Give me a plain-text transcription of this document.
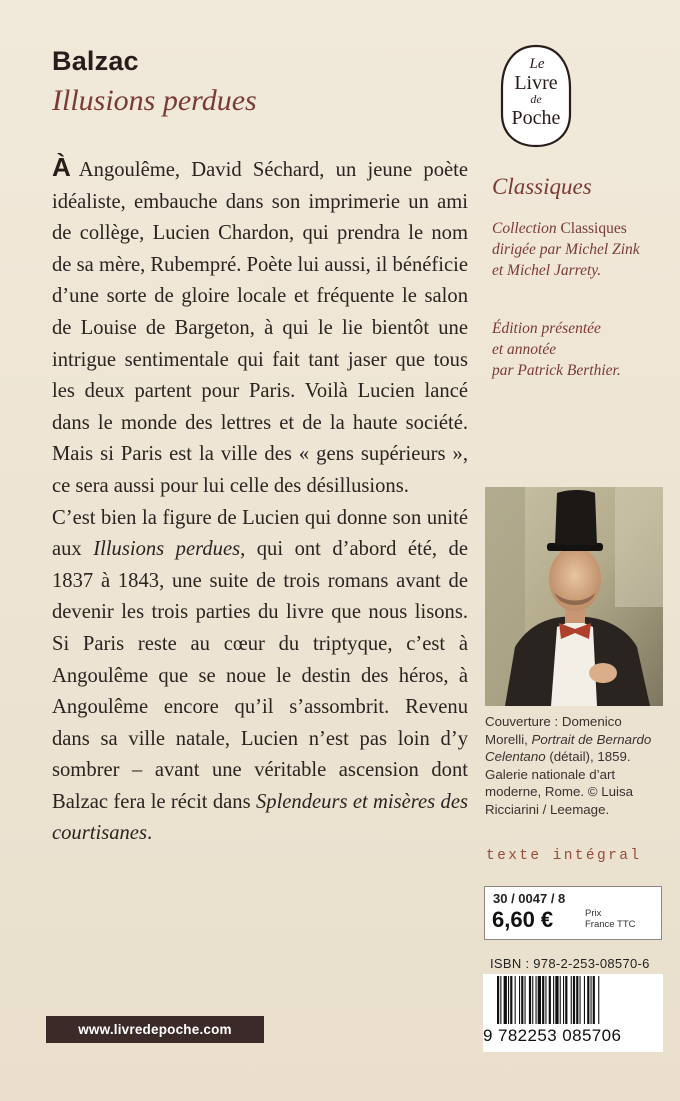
Balzac
Illusions perdues

À Angoulême, David Séchard, un jeune poète idéaliste, embauche dans son imprimerie un ami de collège, Lucien Chardon, qui prendra le nom de sa mère, Rubempré. Poète lui aussi, il bénéficie d’une sorte de gloire locale et fréquente le salon de Louise de Bargeton, à qui le lie bientôt une intrigue sentimentale qui fait tant jaser que tous les deux partent pour Paris. Voilà Lucien lancé dans le monde des lettres et de la haute société. Mais si Paris est la ville des « gens supérieurs », ce sera aussi pour lui celle des désillusions.

C’est bien la figure de Lucien qui donne son unité aux Illusions perdues, qui ont d’abord été, de 1837 à 1843, une suite de trois romans avant de devenir les trois parties du livre que nous lisons. Si Paris reste au cœur du triptyque, c’est à Angoulême que se noue le destin des héros, à Angoulême encore qu’il s’assombrit. Revenu dans sa ville natale, Lucien n’est pas loin d’y sombrer – avant une véritable ascension dont Balzac fera le récit dans Splendeurs et misères des courtisanes.

Le
Livre
de
Poche
Classiques
Collection Classiques
dirigée par Michel Zink
et Michel Jarrety.
Édition présentée
et annotée
par Patrick Berthier.
Couverture : Domenico Morelli, Portrait de Bernardo Celentano (détail), 1859. Galerie nationale d’art moderne, Rome. © Luisa Ricciarini / Leemage.
texte intégral
30 / 0047 / 8
6,60 €	Prix
France TTC
ISBN : 978-2-253-08570-6
9 782253 085706
www.livredepoche.com
